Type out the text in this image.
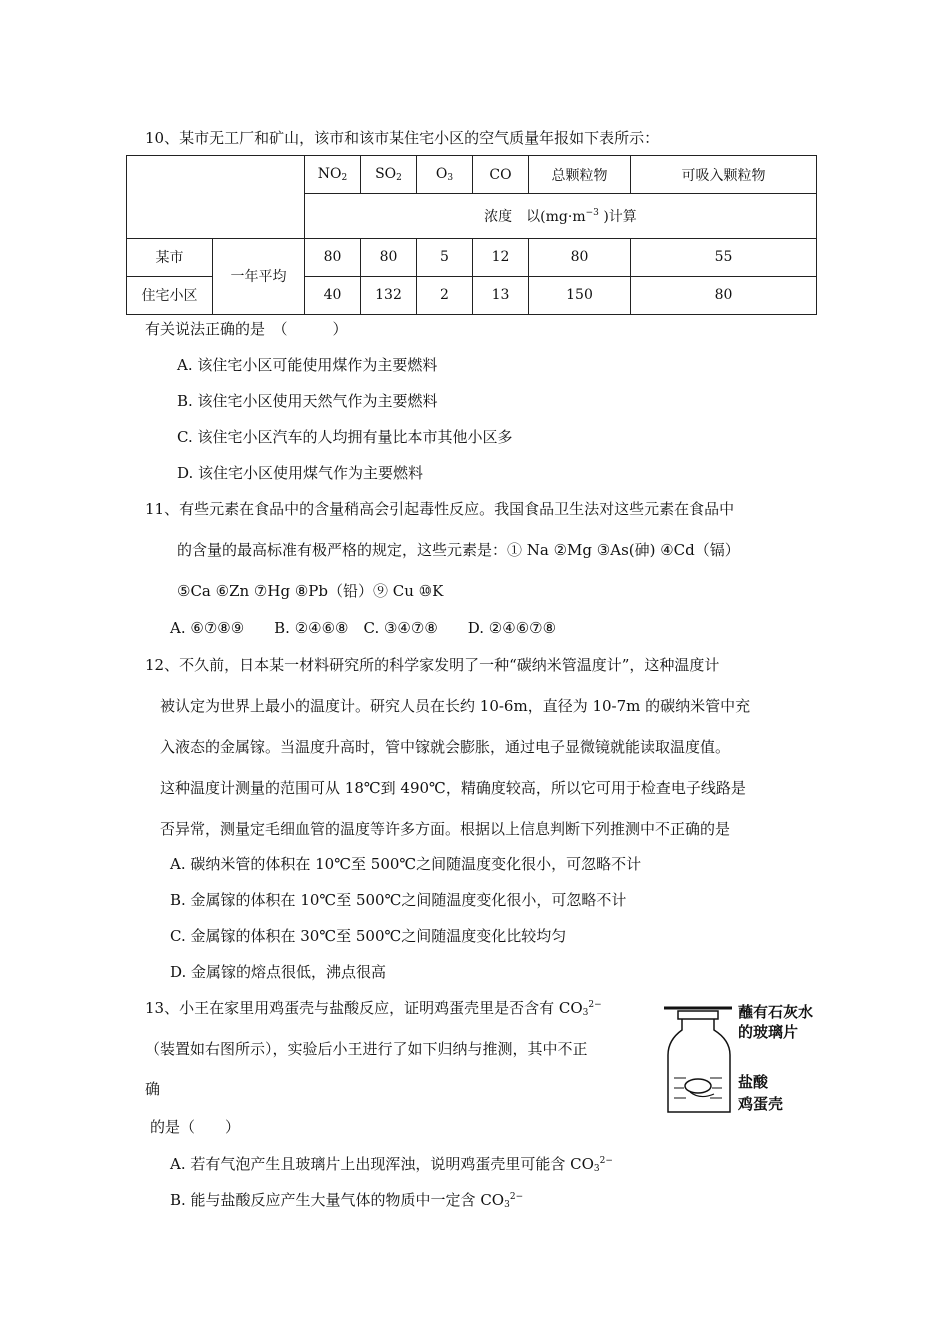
10、某市无工厂和矿山，该市和该市某住宅小区的空气质量年报如下表所示：
		$NO_2$	$SO_2$	$O_3$	CO	总颗粒物	可吸入颗粒物
		浓度　以($mg\cdot m^{-3}$ )计算					
某市	一年平均	80	80	5	12	80	55
住宅小区		40	132	2	13	150	80
有关说法正确的是　（　　　）
A. 该住宅小区可能使用煤作为主要燃料
B. 该住宅小区使用天然气作为主要燃料
C. 该住宅小区汽车的人均拥有量比本市其他小区多
D. 该住宅小区使用煤气作为主要燃料
11、有些元素在食品中的含量稍高会引起毒性反应。我国食品卫生法对这些元素在食品中
的含量的最高标准有极严格的规定，这些元素是：① Na ②Mg ③As(砷) ④Cd（镉）
⑤Ca ⑥Zn ⑦Hg ⑧Pb（铅）⑨ Cu ⑩K
A. ⑥⑦⑧⑨　　B. ②④⑥⑧　C. ③④⑦⑧　　D. ②④⑥⑦⑧
12、不久前，日本某一材料研究所的科学家发明了一种“碳纳米管温度计”，这种温度计
被认定为世界上最小的温度计。研究人员在长约 10-6m，直径为 10-7m 的碳纳米管中充
入液态的金属镓。当温度升高时，管中镓就会膨胀，通过电子显微镜就能读取温度值。
这种温度计测量的范围可从 18℃到 490℃，精确度较高，所以它可用于检查电子线路是
否异常，测量定毛细血管的温度等许多方面。根据以上信息判断下列推测中不正确的是
A. 碳纳米管的体积在 10℃至 500℃之间随温度变化很小，可忽略不计
B. 金属镓的体积在 10℃至 500℃之间随温度变化很小，可忽略不计
C. 金属镓的体积在 30℃至 500℃之间随温度变化比较均匀
D. 金属镓的熔点很低，沸点很高
13、小王在家里用鸡蛋壳与盐酸反应，证明鸡蛋壳里是否含有 $CO_3^{2-}$
（装置如右图所示），实验后小王进行了如下归纳与推测，其中不正
确
的是（　　）
A. 若有气泡产生且玻璃片上出现浑浊，说明鸡蛋壳里可能含 $CO_3^{2-}$
B. 能与盐酸反应产生大量气体的物质中一定含 $CO_3^{2-}$
蘸有石灰水
的玻璃片
盐酸
鸡蛋壳
